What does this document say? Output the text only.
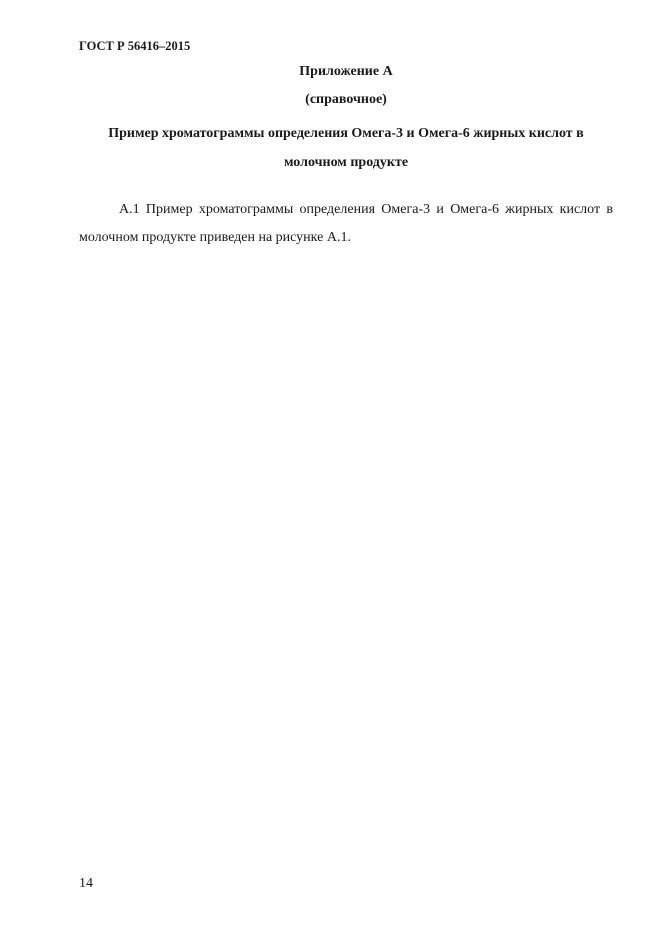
ГОСТ Р 56416–2015
Приложение А
(справочное)
Пример хроматограммы определения Омега-3 и Омега-6 жирных кислот в молочном продукте
А.1 Пример хроматограммы определения Омега-3 и Омега-6 жирных кислот в молочном продукте приведен на рисунке А.1.
14
